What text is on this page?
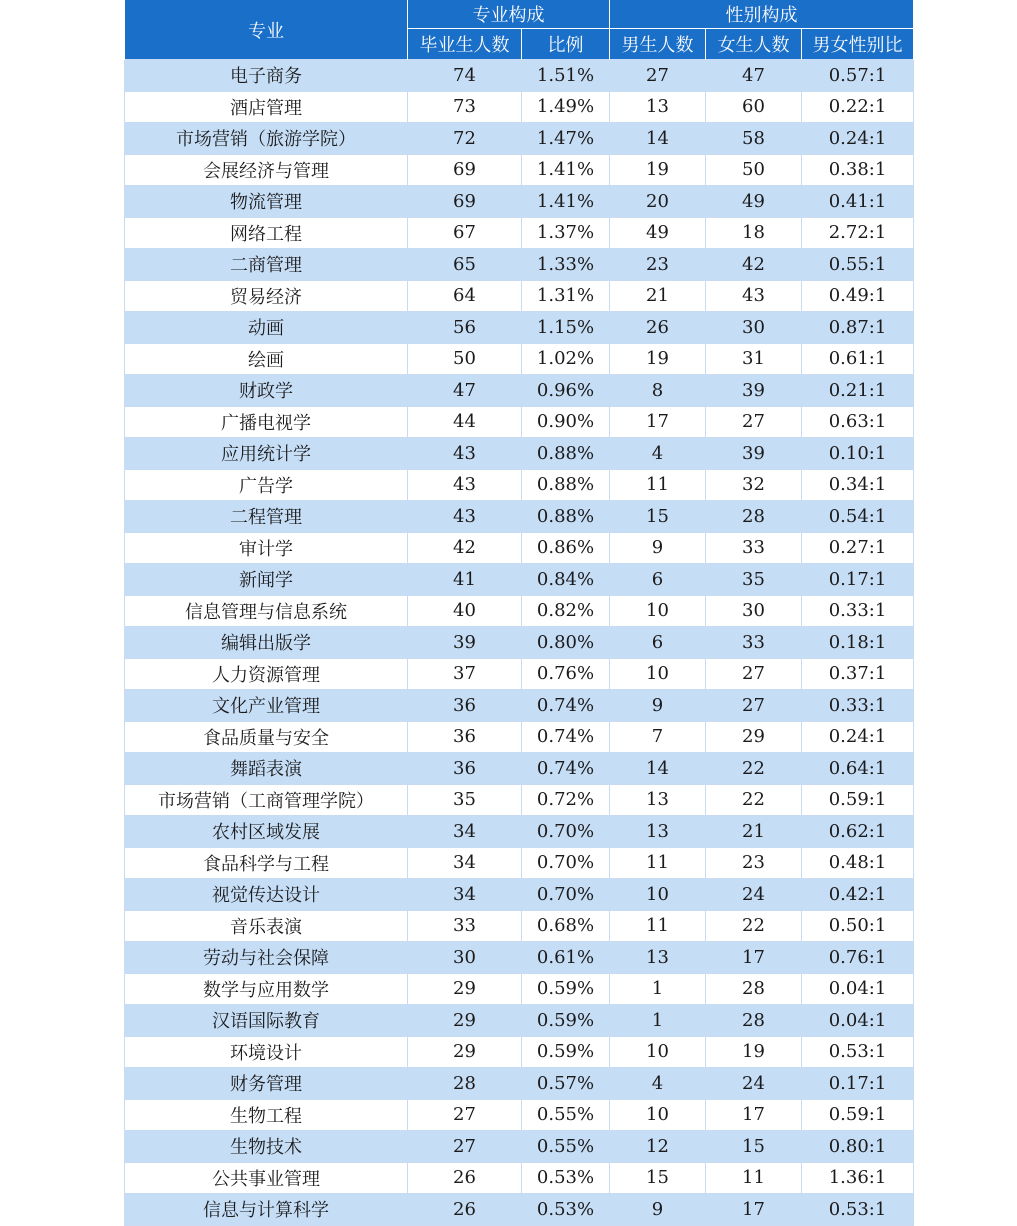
专业	专业构成		性别构成		
	毕业生人数	比例	男生人数	女生人数	男女性别比
电子商务	74	1.51%	27	47	0.57:1
酒店管理	73	1.49%	13	60	0.22:1
市场营销（旅游学院）	72	1.47%	14	58	0.24:1
会展经济与管理	69	1.41%	19	50	0.38:1
物流管理	69	1.41%	20	49	0.41:1
网络工程	67	1.37%	49	18	2.72:1
二商管理	65	1.33%	23	42	0.55:1
贸易经济	64	1.31%	21	43	0.49:1
动画	56	1.15%	26	30	0.87:1
绘画	50	1.02%	19	31	0.61:1
财政学	47	0.96%	8	39	0.21:1
广播电视学	44	0.90%	17	27	0.63:1
应用统计学	43	0.88%	4	39	0.10:1
广告学	43	0.88%	11	32	0.34:1
二程管理	43	0.88%	15	28	0.54:1
审计学	42	0.86%	9	33	0.27:1
新闻学	41	0.84%	6	35	0.17:1
信息管理与信息系统	40	0.82%	10	30	0.33:1
编辑出版学	39	0.80%	6	33	0.18:1
人力资源管理	37	0.76%	10	27	0.37:1
文化产业管理	36	0.74%	9	27	0.33:1
食品质量与安全	36	0.74%	7	29	0.24:1
舞蹈表演	36	0.74%	14	22	0.64:1
市场营销（工商管理学院）	35	0.72%	13	22	0.59:1
农村区域发展	34	0.70%	13	21	0.62:1
食品科学与工程	34	0.70%	11	23	0.48:1
视觉传达设计	34	0.70%	10	24	0.42:1
音乐表演	33	0.68%	11	22	0.50:1
劳动与社会保障	30	0.61%	13	17	0.76:1
数学与应用数学	29	0.59%	1	28	0.04:1
汉语国际教育	29	0.59%	1	28	0.04:1
环境设计	29	0.59%	10	19	0.53:1
财务管理	28	0.57%	4	24	0.17:1
生物工程	27	0.55%	10	17	0.59:1
生物技术	27	0.55%	12	15	0.80:1
公共事业管理	26	0.53%	15	11	1.36:1
信息与计算科学	26	0.53%	9	17	0.53:1
